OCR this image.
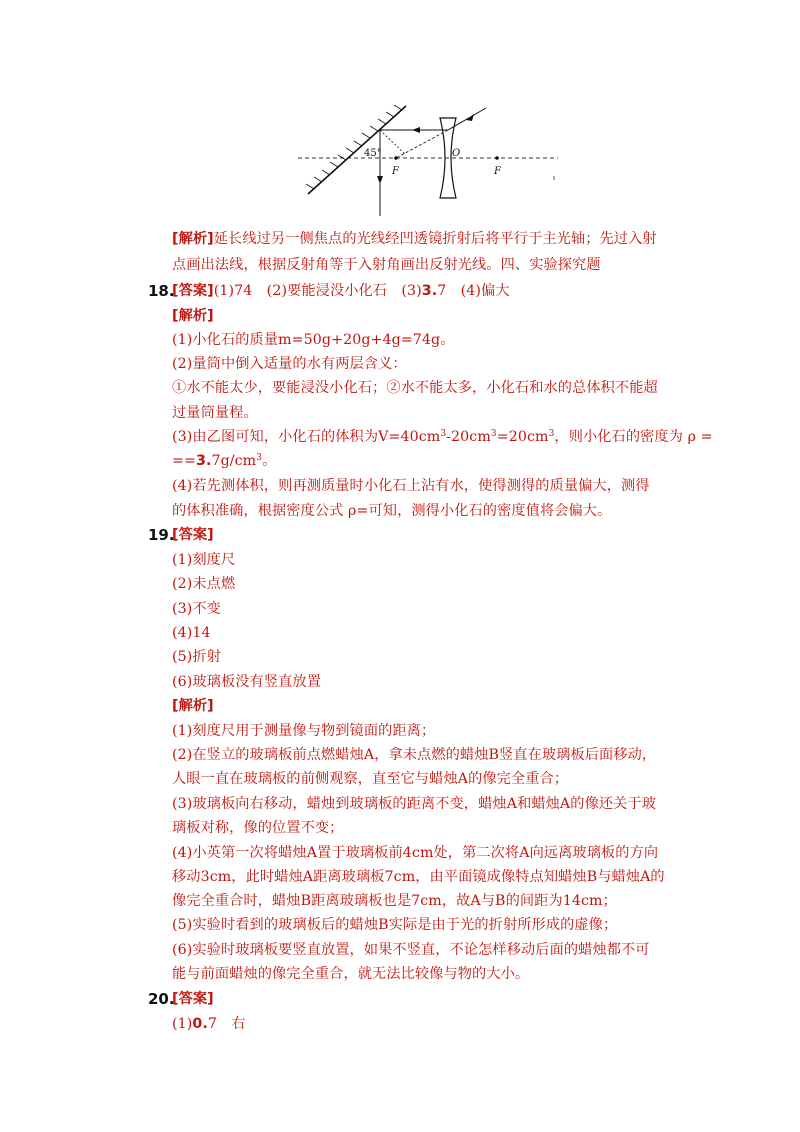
45°
F
O
F
[解析]延长线过另一侧焦点的光线经凹透镜折射后将平行于主光轴；先过入射
点画出法线，根据反射角等于入射角画出反射光线。四、实验探究题
18.
[答案](1)74　(2)要能浸没小化石　(3)3.7　(4)偏大
[解析]
(1)小化石的质量m=50g+20g+4g=74g。
(2)量筒中倒入适量的水有两层含义：
①水不能太少，要能浸没小化石；②水不能太多，小化石和水的总体积不能超
过量筒量程。
(3)由乙图可知，小化石的体积为$V=40cm^3-20cm^3=20cm^3$，则小化石的密度为 ρ =
$==3.7g/cm^3$。
(4)若先测体积，则再测质量时小化石上沾有水，使得测得的质量偏大，测得
的体积准确，根据密度公式 ρ=可知，测得小化石的密度值将会偏大。
19.
[答案]
(1)刻度尺
(2)未点燃
(3)不变
(4)14
(5)折射
(6)玻璃板没有竖直放置
[解析]
(1)刻度尺用于测量像与物到镜面的距离；
(2)在竖立的玻璃板前点燃蜡烛A，拿未点燃的蜡烛B竖直在玻璃板后面移动，
人眼一直在玻璃板的前侧观察，直至它与蜡烛A的像完全重合；
(3)玻璃板向右移动，蜡烛到玻璃板的距离不变，蜡烛A和蜡烛A的像还关于玻
璃板对称，像的位置不变；
(4)小英第一次将蜡烛A置于玻璃板前4cm处，第二次将A向远离玻璃板的方向
移动3cm，此时蜡烛A距离玻璃板7cm，由平面镜成像特点知蜡烛B与蜡烛A的
像完全重合时，蜡烛B距离玻璃板也是7cm，故A与B的间距为14cm；
(5)实验时看到的玻璃板后的蜡烛B实际是由于光的折射所形成的虚像；
(6)实验时玻璃板要竖直放置，如果不竖直，不论怎样移动后面的蜡烛都不可
能与前面蜡烛的像完全重合，就无法比较像与物的大小。
20.
[答案]
(1)0.7　右
